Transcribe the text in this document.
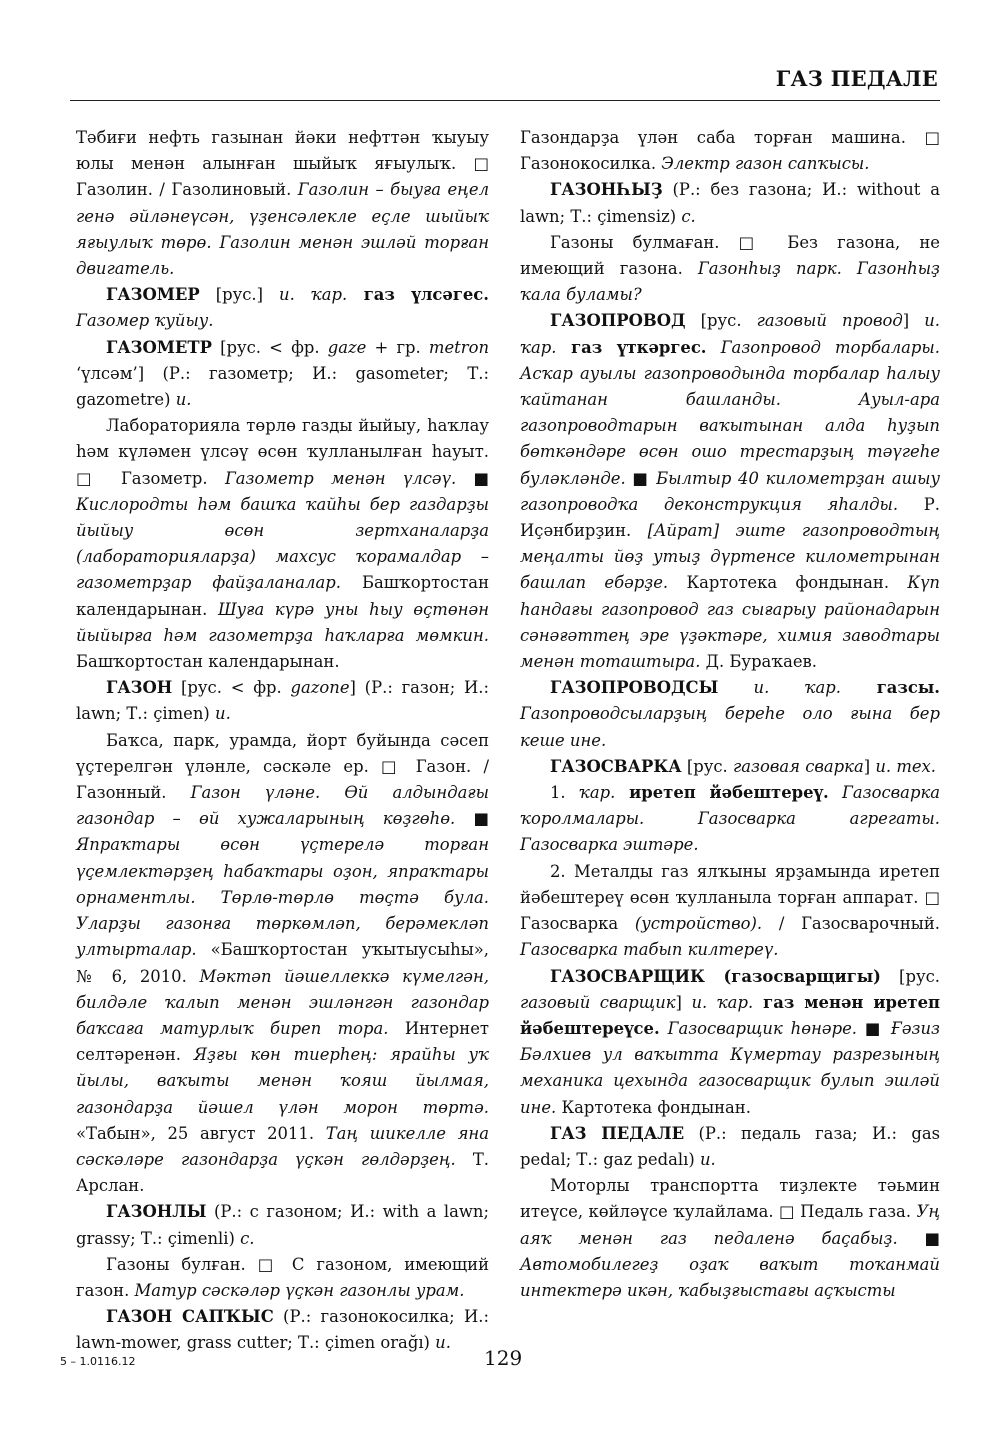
ГАЗ ПЕДАЛЕ

Тәбиғи нефть газынан йәки нефттән ҡыуыу юлы менән алынған шыйыҡ яғыулыҡ. □ Газолин. / Газолиновый. Газолин – быуға еңел генә әйләнеүсән, үҙенсәлекле еҫле шыйыҡ яғыулыҡ төрө. Газолин менән эшләй торған двигатель.

ГАЗОМЕР [рус.] и. ҡар. газ үлсәгес. Газомер ҡуйыу.

ГАЗОМЕТР [рус. < фр. gaze + гр. metron ‘үлсәм’] (Р.: газометр; И.: gasometer; Т.: gazometre) и.

Лабораторияла төрлө газды йыйыу, һаҡлау һәм күләмен үлсәү өсөн ҡулланылған һауыт. □ Газометр. Газометр менән үлсәү. ■ Кислородты һәм башҡа ҡайһы бер газдарҙы йыйыу өсөн зертханаларҙа (лабораторияларҙа) махсус ҡорамалдар – газометрҙар файҙаланалар. Башҡортостан календарынан. Шуға күрә уны һыу өҫтөнән йыйырға һәм газометрҙа һаҡларға мөмкин. Башҡортостан календарынан.

ГАЗОН [рус. < фр. gazone] (Р.: газон; И.: lawn; Т.: çimen) и.

Баҡса, парк, урамда, йорт буйында сәсеп үҫтерелгән үләнле, сәскәле ер. □ Газон. / Газонный. Газон үләне. Өй алдындағы газондар – өй хужаларының көҙгөһө. ■ Япраҡтары өсөн үҫтерелә торған үҫемлектәрҙең һабаҡтары оҙон, япраҡтары орнаментлы. Төрлө-төрлө төҫтә була. Уларҙы газонға төркөмләп, берәмекләп ултырталар. «Башҡортостан уҡытыусыһы», № 6, 2010. Мәктәп йәшеллеккә күмелгән, билдәле ҡалып менән эшләнгән газондар баҡсаға матурлыҡ биреп тора. Интернет селтәренән. Яҙғы көн тиерһең: ярайһы уҡ йылы, ваҡыты менән ҡояш йылмая, газондарҙа йәшел үлән морон төртә. «Табын», 25 август 2011. Таң шикелле яна сәскәләре газондарҙа үҫкән гөлдәрҙең. Т. Арслан.

ГАЗОНЛЫ (Р.: с газоном; И.: with a lawn; grassy; Т.: çimenli) с.

Газоны булған. □ С газоном, имеющий газон. Матур сәскәләр үҫкән газонлы урам.

ГАЗОН САПҠЫС (Р.: газонокосилка; И.: lawn-mower, grass cutter; Т.: çimen orağı) и.

Газондарҙа үлән саба торған машина. □ Газонокосилка. Электр газон сапҡысы.

ГАЗОНҺЫҘ (Р.: без газона; И.: without a lawn; Т.: çimensiz) с.

Газоны булмаған. □ Без газона, не имеющий газона. Газонһыҙ парк. Газонһыҙ ҡала буламы?

ГАЗОПРОВОД [рус. газовый провод] и. ҡар. газ үткәргес. Газопровод торбалары. Асҡар ауылы газопроводында торбалар һалыу ҡайтанан башланды. Ауыл-ара газопроводтарын ваҡытынан алда һуҙып бөткәндәре өсөн ошо трестарҙың тәүгеһе буләкләнде. ■ Былтыр 40 километрҙан ашыу газопроводҡа деконструкция яһалды. Р. Иҫәнбирҙин. [Айрат] эште газопроводтың меңалты йөҙ утыҙ дүртенсе километрынан башлап ебәрҙе. Картотека фондынан. Күп һандағы газопровод газ сығарыу районадарын сәнәғәттең эре үҙәктәре, химия заводтары менән тоташтыра. Д. Бураҡаев.

ГАЗОПРОВОДСЫ и. ҡар. газсы. Газопроводсыларҙың береһе оло ғына бер кеше ине.

ГАЗОСВАРКА [рус. газовая сварка] и. тех.

1. ҡар. иретеп йәбештереү. Газосварка ҡоролмалары. Газосварка агрегаты. Газосварка эштәре.

2. Металды газ ялҡыны ярҙамында иретеп йәбештереү өсөн ҡулланыла торған аппарат. □ Газосварка (устройство). / Газосварочный. Газосварка табып килтереү.

ГАЗОСВАРЩИК (газосварщигы) [рус. газовый сварщик] и. ҡар. газ менән иретеп йәбештереүсе. Газосварщик һөнәре. ■ Ғәзиз Бәлхиев ул ваҡытта Күмертау разрезының механика цехында газосварщик булып эшләй ине. Картотека фондынан.

ГАЗ ПЕДАЛЕ (Р.: педаль газа; И.: gas pedal; Т.: gaz pedalı) и.

Моторлы транспортта тиҙлекте тәьмин итеүсе, көйләүсе ҡулайлама. □ Педаль газа. Уң аяҡ менән газ педаленә баҫабыҙ. ■ Автомобилегеҙ оҙаҡ ваҡыт тоҡанмай интектерә икән, ҡабыҙғыстағы аҫҡысты

5 – 1.0116.12	129
